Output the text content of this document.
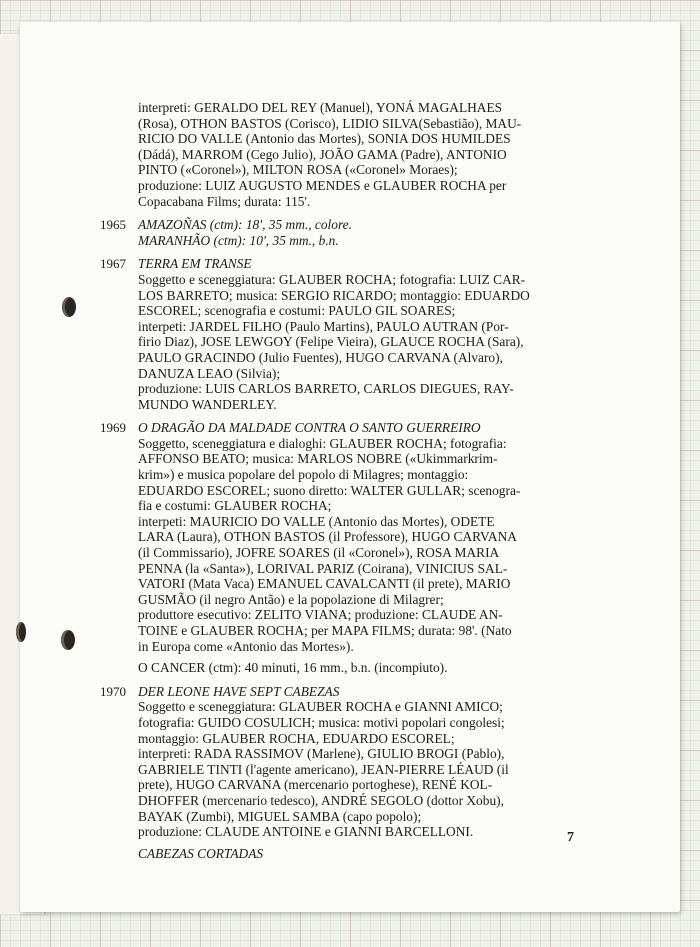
interpreti: GERALDO DEL REY (Manuel), YONÁ MAGALHAES
(Rosa), OTHON BASTOS (Corisco), LIDIO SILVA(Sebastião), MAU-
RICIO DO VALLE (Antonio das Mortes), SONIA DOS HUMILDES
(Dádá), MARROM (Cego Julio), JOÃO GAMA (Padre), ANTONIO
PINTO («Coronel»), MILTON ROSA («Coronel» Moraes);
produzione: LUIZ AUGUSTO MENDES e GLAUBER ROCHA per
Copacabana Films; durata: 115'.
1965 AMAZOÑAS (ctm): 18', 35 mm., colore.
MARANHÃO (ctm): 10', 35 mm., b.n.
1967 TERRA EM TRANSE
Soggetto e sceneggiatura: GLAUBER ROCHA; fotografia: LUIZ CAR-
LOS BARRETO; musica: SERGIO RICARDO; montaggio: EDUARDO
ESCOREL; scenografia e costumi: PAULO GIL SOARES;
interpeti: JARDEL FILHO (Paulo Martins), PAULO AUTRAN (Por-
firio Diaz), JOSE LEWGOY (Felipe Vieira), GLAUCE ROCHA (Sara),
PAULO GRACINDO (Julio Fuentes), HUGO CARVANA (Alvaro),
DANUZA LEAO (Silvia);
produzione: LUIS CARLOS BARRETO, CARLOS DIEGUES, RAY-
MUNDO WANDERLEY.
1969 O DRAGÃO DA MALDADE CONTRA O SANTO GUERREIRO
Soggetto, sceneggiatura e dialoghi: GLAUBER ROCHA; fotografia:
AFFONSO BEATO; musica: MARLOS NOBRE («Ukimmarkrim-
krim») e musica popolare del popolo di Milagres; montaggio:
EDUARDO ESCOREL; suono diretto: WALTER GULLAR; scenogra-
fia e costumi: GLAUBER ROCHA;
interpeti: MAURICIO DO VALLE (Antonio das Mortes), ODETE
LARA (Laura), OTHON BASTOS (il Professore), HUGO CARVANA
(il Commissario), JOFRE SOARES (il «Coronel»), ROSA MARIA
PENNA (la «Santa»), LORIVAL PARIZ (Coirana), VINICIUS SAL-
VATORI (Mata Vaca) EMANUEL CAVALCANTI (il prete), MARIO
GUSMÃO (il negro Antão) e la popolazione di Milagrer;
produttore esecutivo: ZELITO VIANA; produzione: CLAUDE AN-
TOINE e GLAUBER ROCHA; per MAPA FILMS; durata: 98'. (Nato
in Europa come «Antonio das Mortes»).
O CANCER (ctm): 40 minuti, 16 mm., b.n. (incompiuto).
1970 DER LEONE HAVE SEPT CABEZAS
Soggetto e sceneggiatura: GLAUBER ROCHA e GIANNI AMICO;
fotografia: GUIDO COSULICH; musica: motivi popolari congolesi;
montaggio: GLAUBER ROCHA, EDUARDO ESCOREL;
interpreti: RADA RASSIMOV (Marlene), GIULIO BROGI (Pablo),
GABRIELE TINTI (l'agente americano), JEAN-PIERRE LÉAUD (il
prete), HUGO CARVANA (mercenario portoghese), RENÉ KOL-
DHOFFER (mercenario tedesco), ANDRÉ SEGOLO (dottor Xobu),
BAYAK (Zumbi), MIGUEL SAMBA (capo popolo);
produzione: CLAUDE ANTOINE e GIANNI BARCELLONI.
CABEZAS CORTADAS
7
